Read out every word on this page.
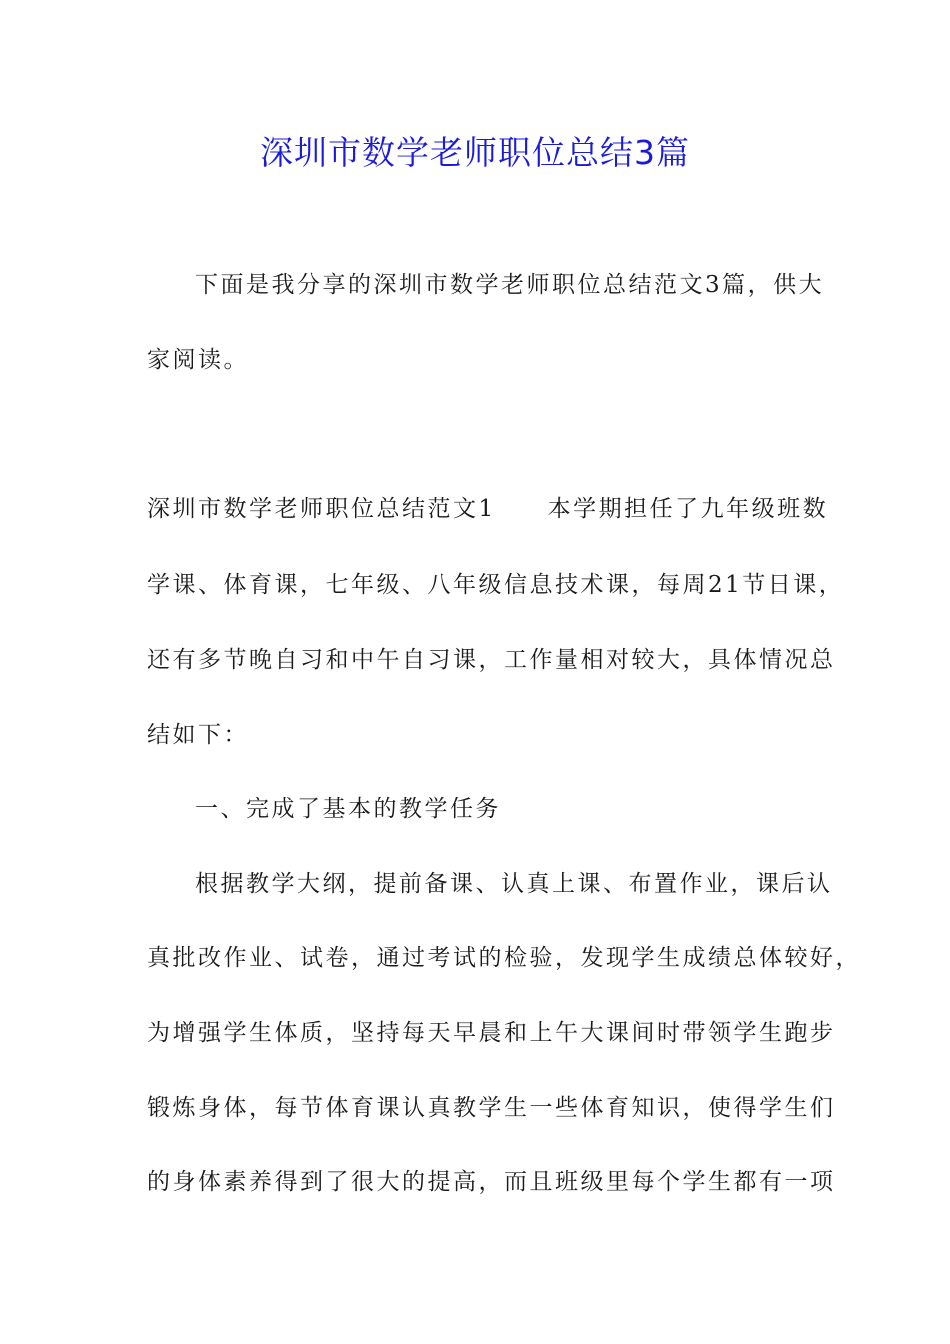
深圳市数学老师职位总结3篇
下面是我分享的深圳市数学老师职位总结范文3篇，供大
家阅读。
深圳市数学老师职位总结范文1 本学期担任了九年级班数
学课、体育课，七年级、八年级信息技术课，每周21节日课，
还有多节晚自习和中午自习课，工作量相对较大，具体情况总
结如下：
一、完成了基本的教学任务
根据教学大纲，提前备课、认真上课、布置作业，课后认
真批改作业、试卷，通过考试的检验，发现学生成绩总体较好，
为增强学生体质，坚持每天早晨和上午大课间时带领学生跑步
锻炼身体，每节体育课认真教学生一些体育知识，使得学生们
的身体素养得到了很大的提高，而且班级里每个学生都有一项
